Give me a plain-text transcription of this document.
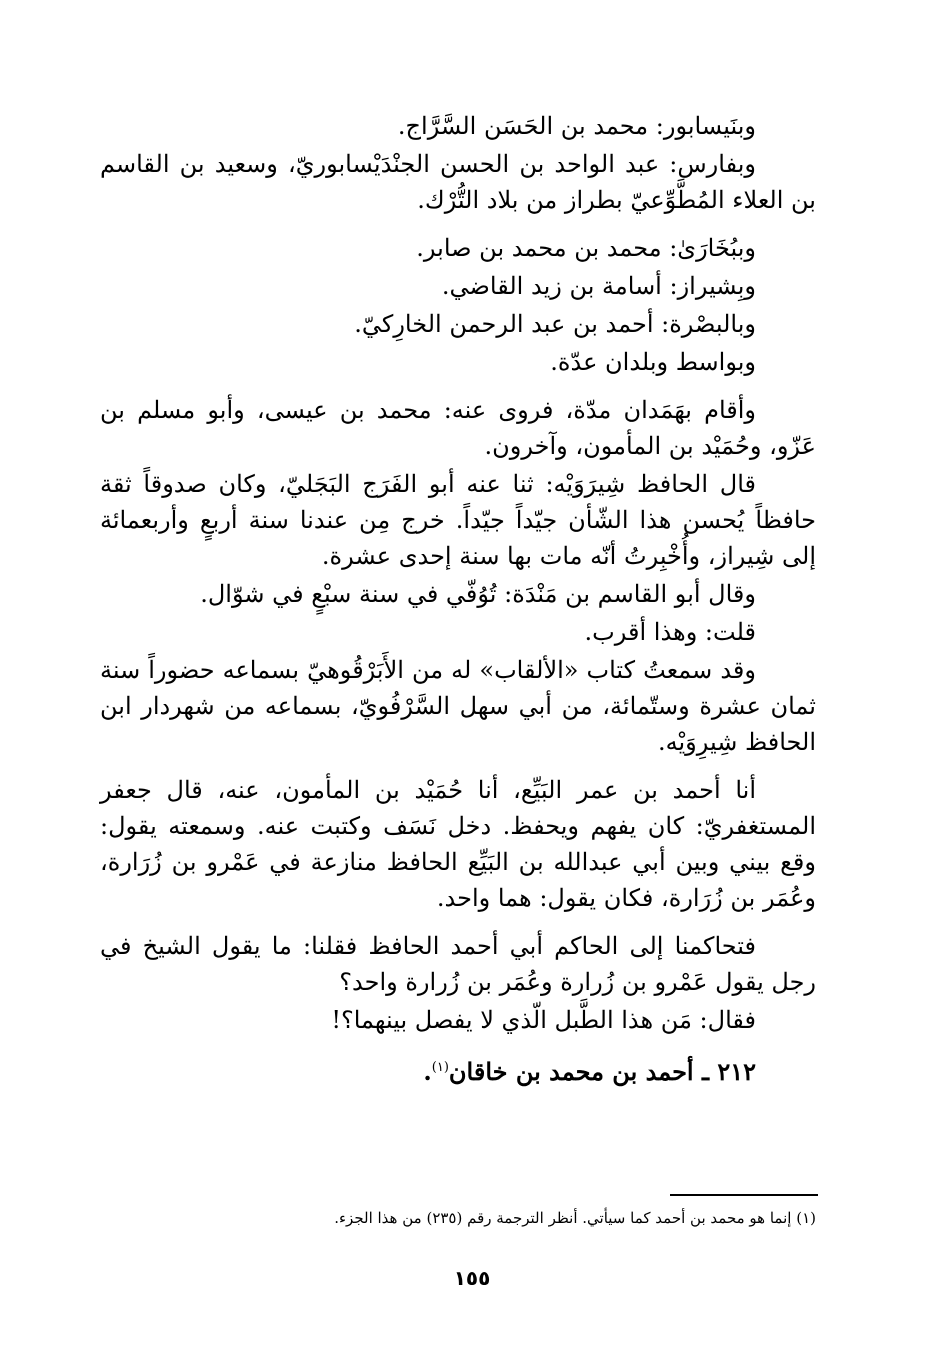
وبنَيسابور: محمد بن الحَسَن السَّرَّاج.

وبفارس: عبد الواحد بن الحسن الجنْدَيْسابوريّ، وسعيد بن القاسم بن العلاء المُطَّوِّعيّ بطراز من بلاد التُّرْك.

وببُخَارَىٰ: محمد بن محمد بن صابر.

وبِشيراز: أسامة بن زيد القاضي.

وبالبصْرة: أحمد بن عبد الرحمن الخارِكيّ.

وبواسط وبلدان عدّة.

وأقام بهَمَدان مدّة، فروى عنه: محمد بن عيسى، وأبو مسلم بن عَزّو، وحُمَيْد بن المأمون، وآخرون.

قال الحافظ شِيرَوَيْه: ثنا عنه أبو الفَرَج البَجَليّ، وكان صدوقاً ثقة حافظاً يُحسن هذا الشّأن جيّداً جيّداً. خرج مِن عندنا سنة أربعٍ وأربعمائة إلى شِيراز، وأُخْبِرتُ أنّه مات بها سنة إحدى عشرة.

وقال أبو القاسم بن مَنْدَة: تُوُفّي في سنة سبْعٍ في شوّال.

قلت: وهذا أقرب.

وقد سمعتُ كتاب «الألقاب» له من الأَبَرْقُوهيّ بسماعه حضوراً سنة ثمان عشرة وستّمائة، من أبي سهل السَّرْفُويّ، بسماعه من شهردار ابن الحافظ شِيرِوَيْه.

أنا أحمد بن عمر البَيِّع، أنا حُمَيْد بن المأمون، عنه، قال جعفر المستغفريّ: كان يفهم ويحفظ. دخل نَسَف وكتبت عنه. وسمعته يقول: وقع بيني وبين أبي عبدالله بن البَيِّع الحافظ منازعة في عَمْرو بن زُرَارة، وعُمَر بن زُرَارة، فكان يقول: هما واحد.

فتحاكمنا إلى الحاكم أبي أحمد الحافظ فقلنا: ما يقول الشيخ في رجل يقول عَمْرو بن زُرارة وعُمَر بن زُرارة واحد؟

فقال: مَن هذا الطَّبل الّذي لا يفصل بينهما؟!

٢١٢ ـ أحمد بن محمد بن خاقان$^{(١)}$.

(١) إنما هو محمد بن أحمد كما سيأتي. أنظر الترجمة رقم (٢٣٥) من هذا الجزء.
١٥٥
